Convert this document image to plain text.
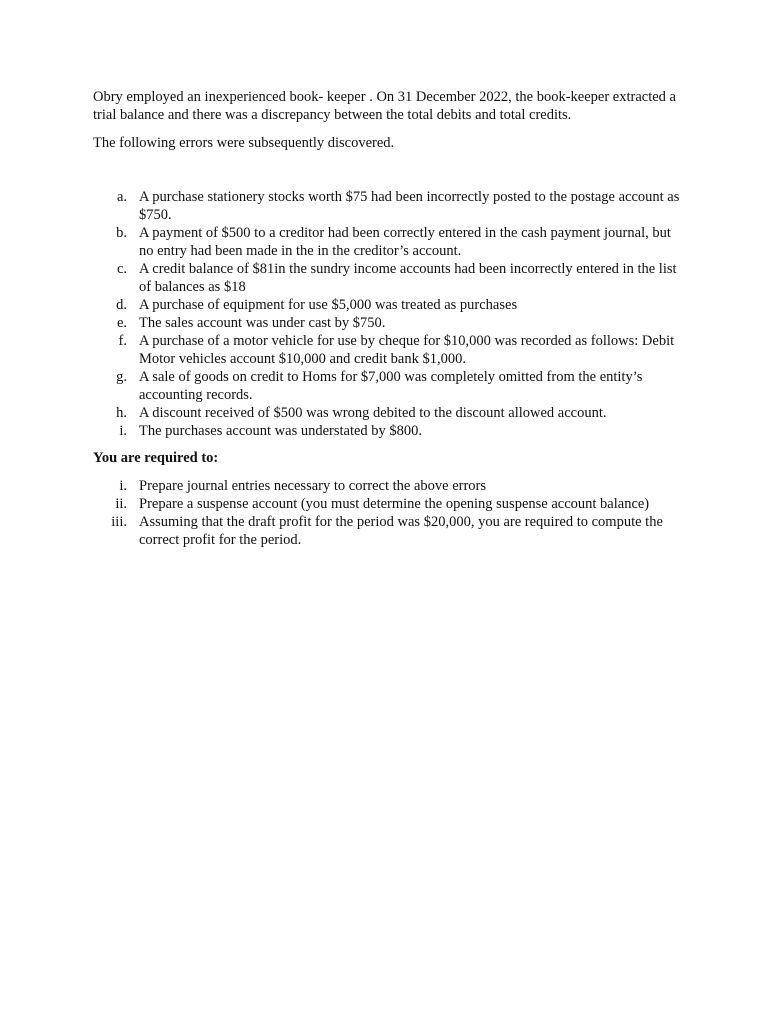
Obry employed an inexperienced book- keeper . On 31 December 2022, the book-keeper extracted a trial balance and there was a discrepancy between the total debits and total credits.

The following errors were subsequently discovered.

a. A purchase stationery stocks worth $75 had been incorrectly posted to the postage account as $750.
b. A payment of $500 to a creditor had been correctly entered in the cash payment journal, but no entry had been made in the in the creditor’s account.
c. A credit balance of $81in the sundry income accounts had been incorrectly entered in the list of balances as $18
d. A purchase of equipment for use $5,000 was treated as purchases
e. The sales account was under cast by $750.
f. A purchase of a motor vehicle for use by cheque for $10,000 was recorded as follows: Debit Motor vehicles account $10,000 and credit bank $1,000.
g. A sale of goods on credit to Homs for $7,000 was completely omitted from the entity’s accounting records.
h. A discount received of $500 was wrong debited to the discount allowed account.
i. The purchases account was understated by $800.

You are required to:

i. Prepare journal entries necessary to correct the above errors
ii. Prepare a suspense account (you must determine the opening suspense account balance)
iii. Assuming that the draft profit for the period was $20,000, you are required to compute the correct profit for the period.
